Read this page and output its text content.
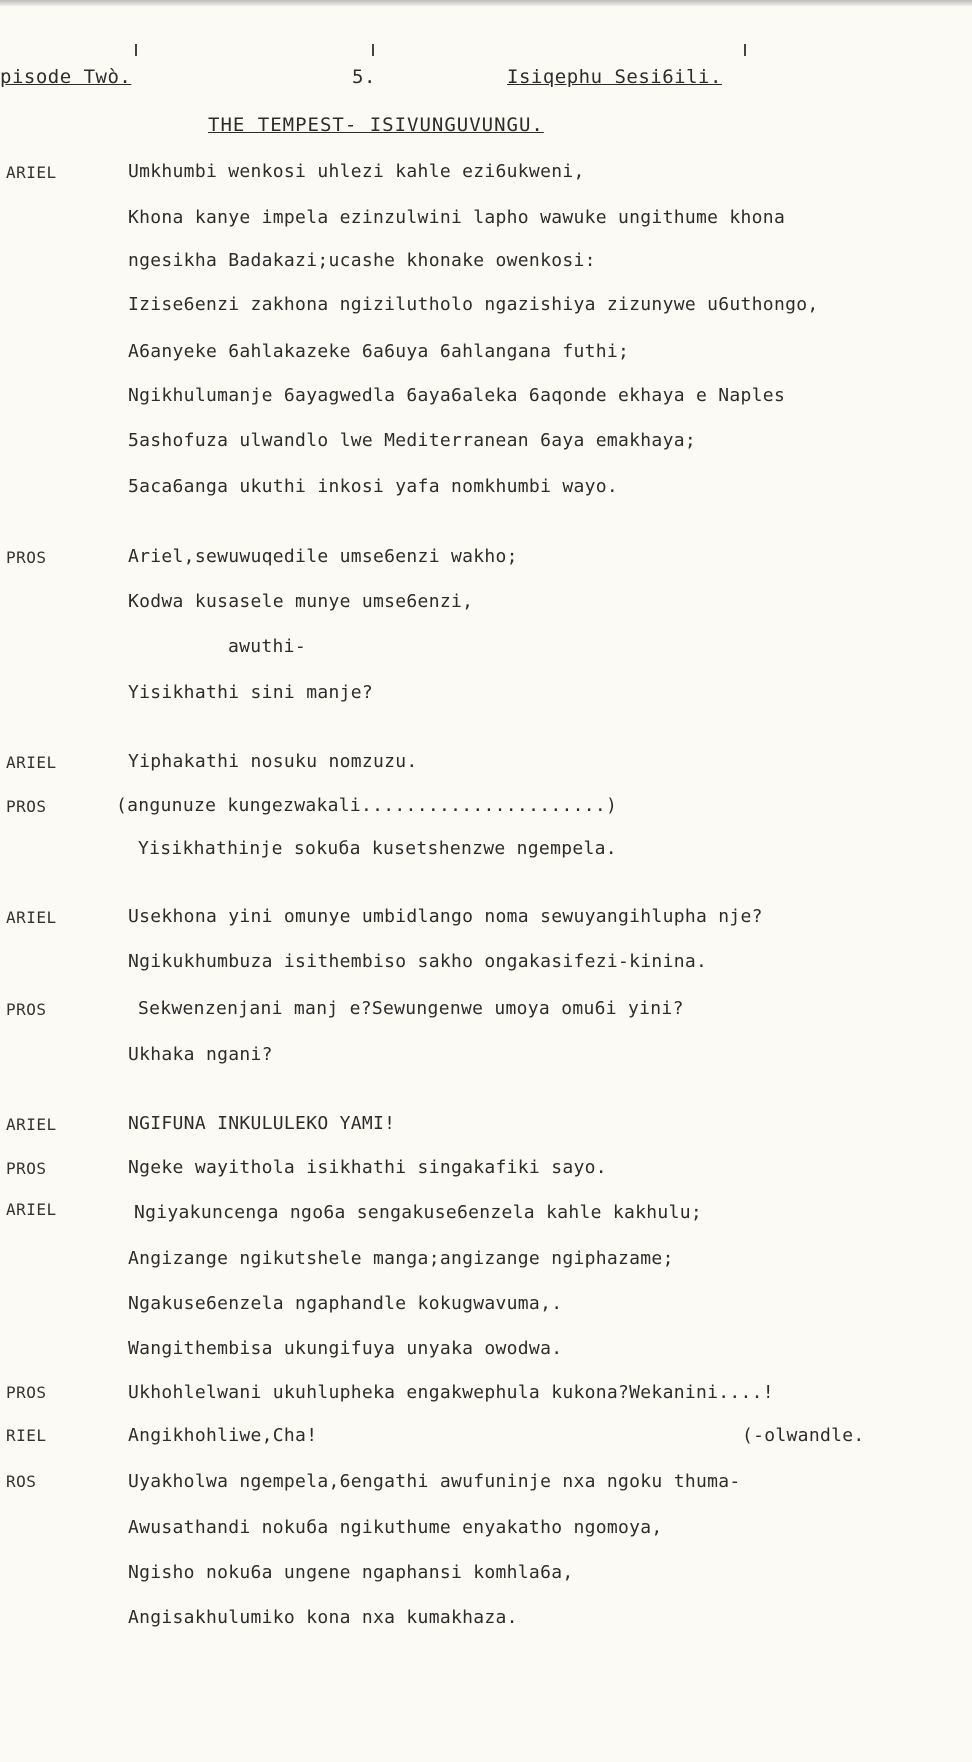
pisode Twò.	5.	Isiqephu Sesi6ili.
THE TEMPEST- ISIVUNGUVUNGU.
ARIEL	Umkhumbi wenkosi uhlezi kahle ezi6ukweni,
Khona kanye impela ezinzulwini lapho wawuke ungithume khona
ngesikha Badakazi;ucashe khonake owenkosi:
Izise6enzi zakhona ngizilutholo ngazishiya zizunywe u6uthongo,
A6anyeke 6ahlakazeke 6a6uya 6ahlangana futhi;
Ngikhulumanje 6ayagwedla 6aya6aleka 6aqonde ekhaya e Naples
5ashofuza ulwandlo lwe Mediterranean 6aya emakhaya;
5aca6anga ukuthi inkosi yafa nomkhumbi wayo.
PROS	Ariel,sewuwuqedile umse6enzi wakho;
Kodwa kusasele munye umse6enzi,
awuthi-
Yisikhathi sini manje?
ARIEL	Yiphakathi nosuku nomzuzu.
PROS	(angunuze kungezwakali......................)
Yisikhathinje sokuба kusetshenzwe ngempela.
ARIEL	Usekhona yini omunye umbidlango noma sewuyangihlupha nje?
Ngikukhumbuza isithembiso sakho ongakasifezi-kinina.
PROS	Sekwenzenjani manj e?Sewungenwe umoya omu6i yini?
Ukhaka ngani?
ARIEL	NGIFUNA INKULULEKO YAMI!
PROS	Ngeke wayithola isikhathi singakafiki sayo.
ARIEL	Ngiyakuncenga ngo6a sengakuse6enzela kahle kakhulu;
Angizange ngikutshele manga;angizange ngiphazame;
Ngakuse6enzela ngaphandle kokugwavuma,.
Wangithembisa ukungifuya unyaka owodwa.
PROS	Ukhohlelwani ukuhlupheka engakwephula kukona?Wekanini....!
RIEL	Angikhohliwe,Cha!	(-olwandle.
ROS	Uyakholwa ngempela,6engathi awufuninje nxa ngoku thuma-
Awusathandi nokuба ngikuthume enyakatho ngomoya,
Ngisho noku6a ungene ngaphansi komhla6a,
Angisakhulumiko kona nxa kumakhaza.
